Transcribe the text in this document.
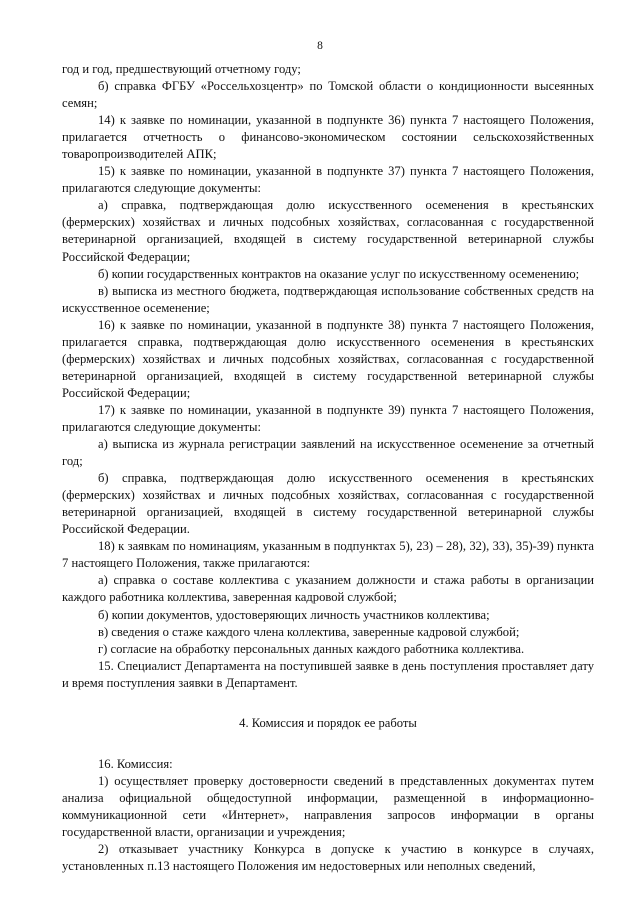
8

год и год, предшествующий отчетному году;

б) справка ФГБУ «Россельхозцентр» по Томской области о кондиционности высеянных семян;

14) к заявке по номинации, указанной в подпункте 36) пункта 7 настоящего Положения, прилагается отчетность о финансово-экономическом состоянии сельскохозяйственных товаропроизводителей АПК;

15) к заявке по номинации, указанной в подпункте 37) пункта 7 настоящего Положения, прилагаются следующие документы:

а) справка, подтверждающая долю искусственного осеменения в крестьянских (фермерских) хозяйствах и личных подсобных хозяйствах, согласованная с государственной ветеринарной организацией, входящей в систему государственной ветеринарной службы Российской Федерации;

б) копии государственных контрактов на оказание услуг по искусственному осеменению;

в) выписка из местного бюджета, подтверждающая использование собственных средств на искусственное осеменение;

16) к заявке по номинации, указанной в подпункте 38) пункта 7 настоящего Положения, прилагается справка, подтверждающая долю искусственного осеменения в крестьянских (фермерских) хозяйствах и личных подсобных хозяйствах, согласованная с государственной ветеринарной организацией, входящей в систему государственной ветеринарной службы Российской Федерации;

17) к заявке по номинации, указанной в подпункте 39) пункта 7 настоящего Положения, прилагаются следующие документы:

а) выписка из журнала регистрации заявлений на искусственное осеменение за отчетный год;

б) справка, подтверждающая долю искусственного осеменения в крестьянских (фермерских) хозяйствах и личных подсобных хозяйствах, согласованная с государственной ветеринарной организацией, входящей в систему государственной ветеринарной службы Российской Федерации.

18) к заявкам по номинациям, указанным в подпунктах 5), 23) – 28), 32), 33), 35)-39) пункта 7 настоящего Положения, также прилагаются:

а) справка о составе коллектива с указанием должности и стажа работы в организации каждого работника коллектива, заверенная кадровой службой;

б) копии документов, удостоверяющих личность участников коллектива;

в) сведения о стаже каждого члена коллектива, заверенные кадровой службой;

г) согласие на обработку персональных данных каждого работника коллектива.

15. Специалист Департамента на поступившей заявке в день поступления проставляет дату и время поступления заявки в Департамент.

4. Комиссия и порядок ее работы

16. Комиссия:

1) осуществляет проверку достоверности сведений в представленных документах путем анализа официальной общедоступной информации, размещенной в информационно-коммуникационной сети «Интернет», направления запросов информации в органы государственной власти, организации и учреждения;

2) отказывает участнику Конкурса в допуске к участию в конкурсе в случаях, установленных п.13 настоящего Положения им недостоверных или неполных сведений,
